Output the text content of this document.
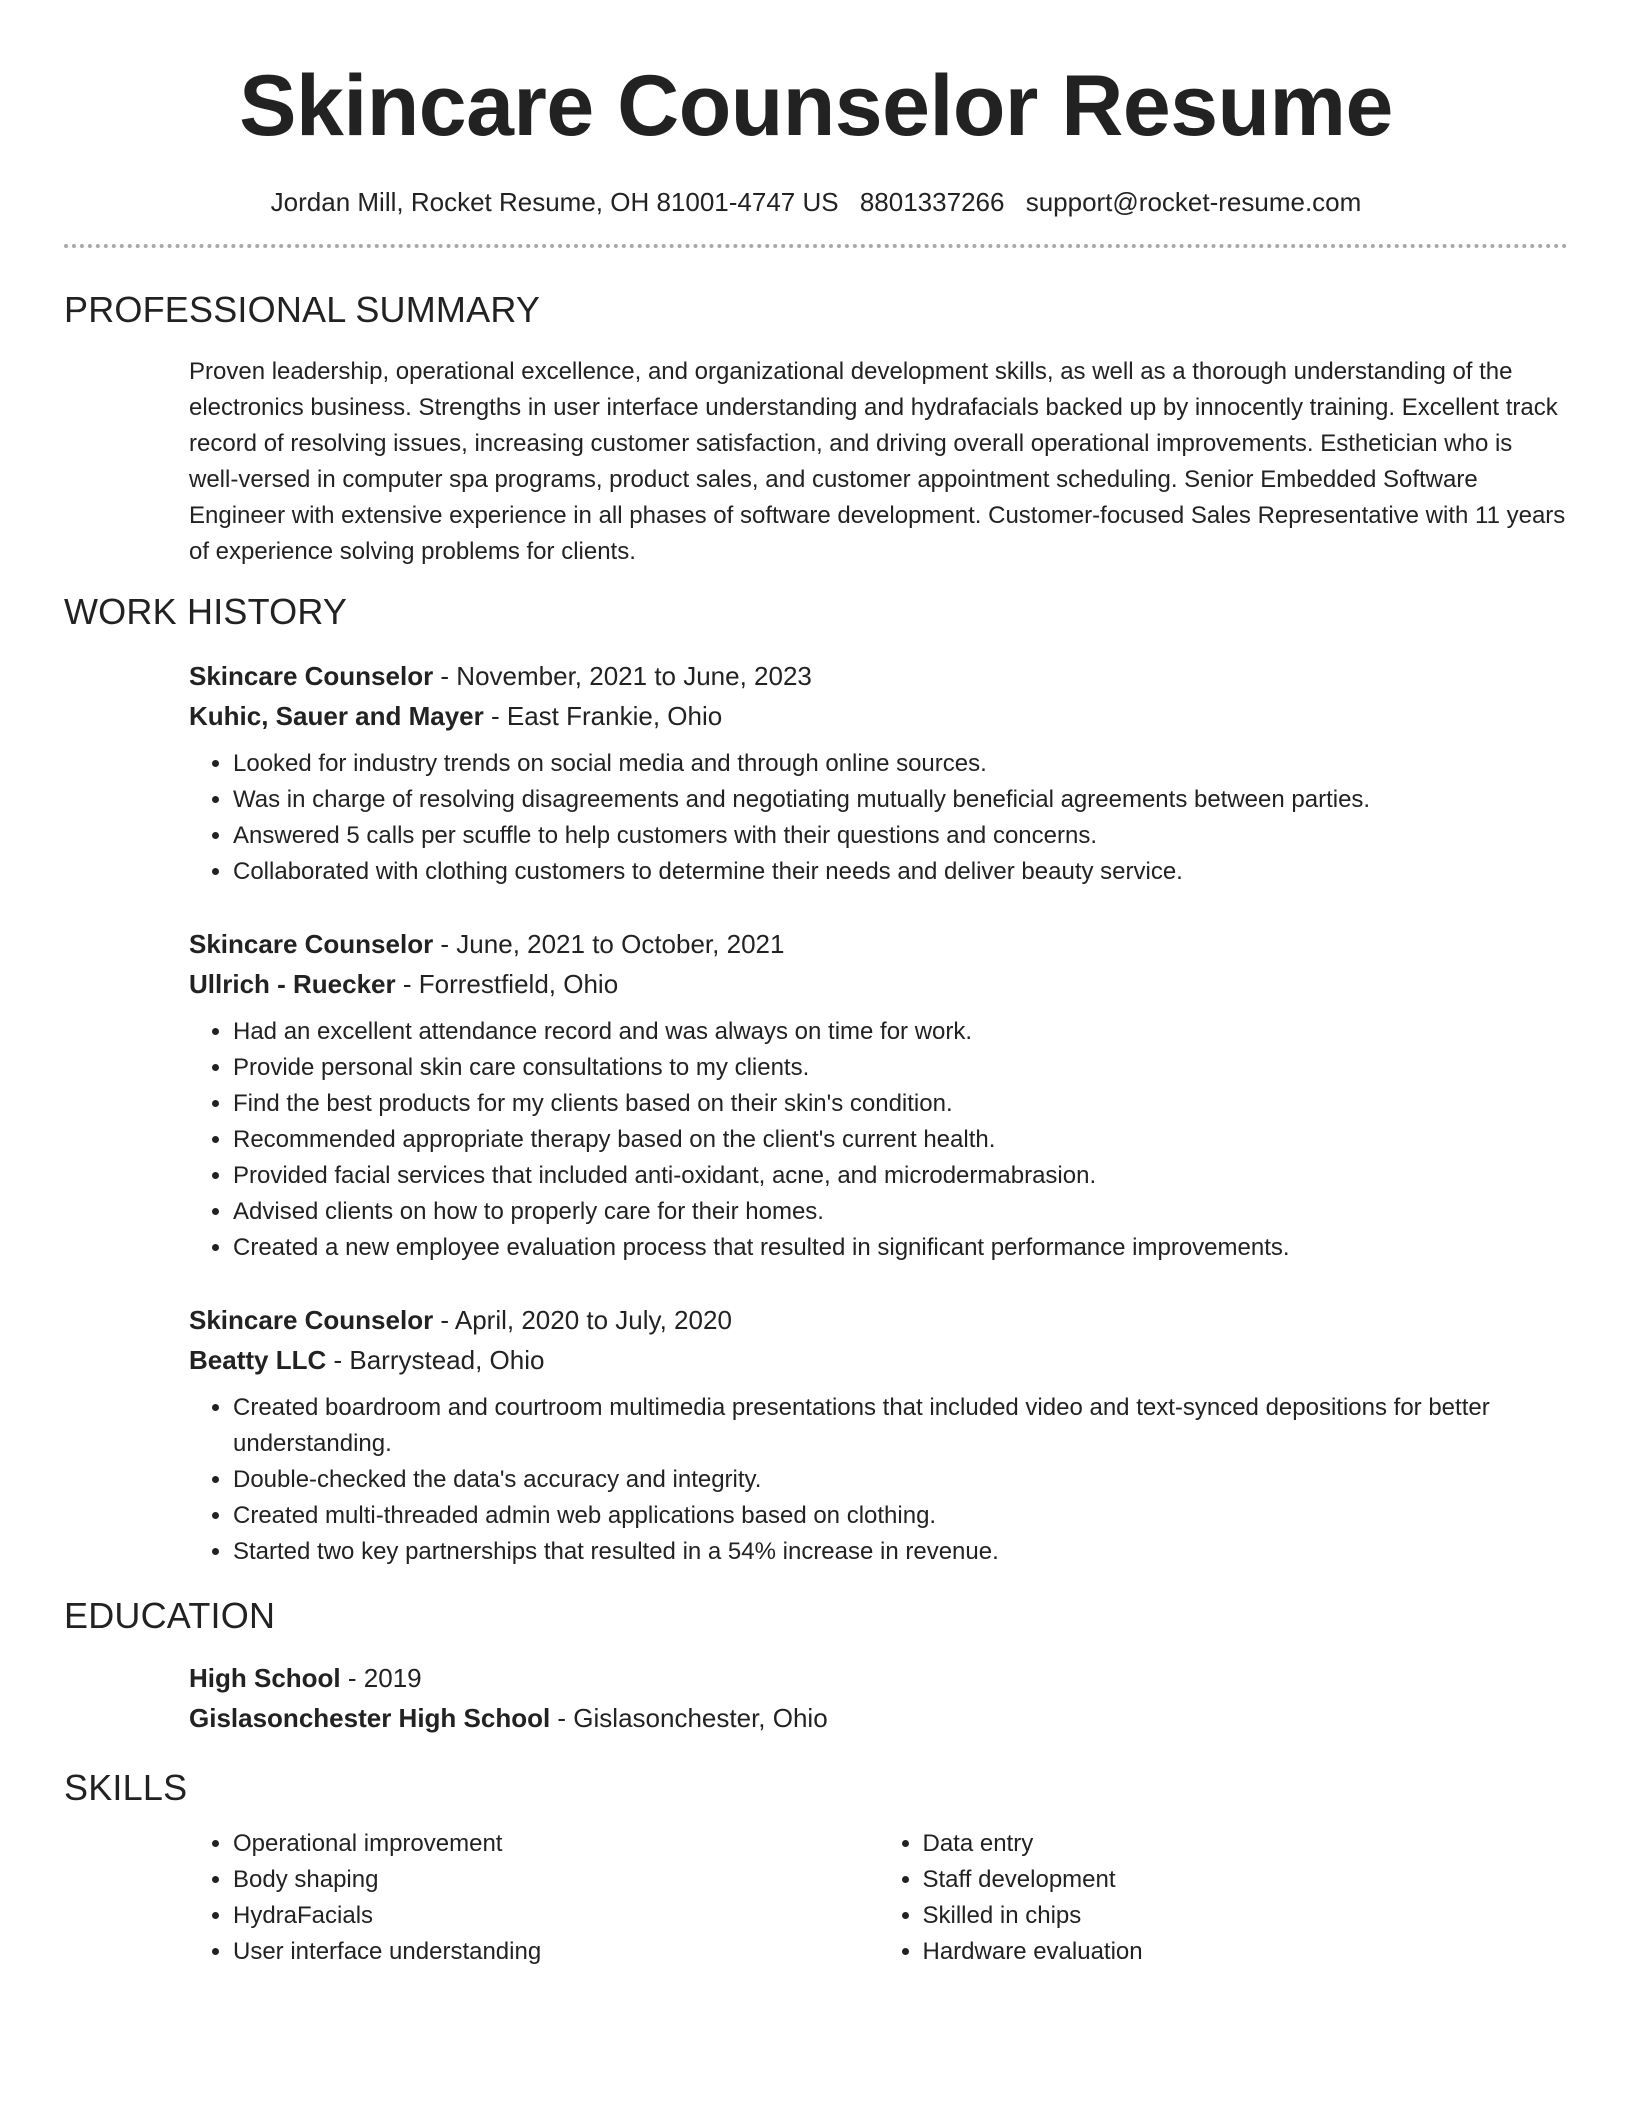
Skincare Counselor Resume
Jordan Mill, Rocket Resume, OH 81001-4747 US 8801337266 support@rocket-resume.com
PROFESSIONAL SUMMARY
Proven leadership, operational excellence, and organizational development skills, as well as a thorough understanding of the electronics business. Strengths in user interface understanding and hydrafacials backed up by innocently training. Excellent track record of resolving issues, increasing customer satisfaction, and driving overall operational improvements. Esthetician who is well-versed in computer spa programs, product sales, and customer appointment scheduling. Senior Embedded Software Engineer with extensive experience in all phases of software development. Customer-focused Sales Representative with 11 years of experience solving problems for clients.
WORK HISTORY
Skincare Counselor - November, 2021 to June, 2023
Kuhic, Sauer and Mayer - East Frankie, Ohio
• Looked for industry trends on social media and through online sources.
• Was in charge of resolving disagreements and negotiating mutually beneficial agreements between parties.
• Answered 5 calls per scuffle to help customers with their questions and concerns.
• Collaborated with clothing customers to determine their needs and deliver beauty service.
Skincare Counselor - June, 2021 to October, 2021
Ullrich - Ruecker - Forrestfield, Ohio
• Had an excellent attendance record and was always on time for work.
• Provide personal skin care consultations to my clients.
• Find the best products for my clients based on their skin's condition.
• Recommended appropriate therapy based on the client's current health.
• Provided facial services that included anti-oxidant, acne, and microdermabrasion.
• Advised clients on how to properly care for their homes.
• Created a new employee evaluation process that resulted in significant performance improvements.
Skincare Counselor - April, 2020 to July, 2020
Beatty LLC - Barrystead, Ohio
• Created boardroom and courtroom multimedia presentations that included video and text-synced depositions for better understanding.
• Double-checked the data's accuracy and integrity.
• Created multi-threaded admin web applications based on clothing.
• Started two key partnerships that resulted in a 54% increase in revenue.
EDUCATION
High School - 2019
Gislasonchester High School - Gislasonchester, Ohio
SKILLS
• Operational improvement
• Body shaping
• HydraFacials
• User interface understanding
• Data entry
• Staff development
• Skilled in chips
• Hardware evaluation
